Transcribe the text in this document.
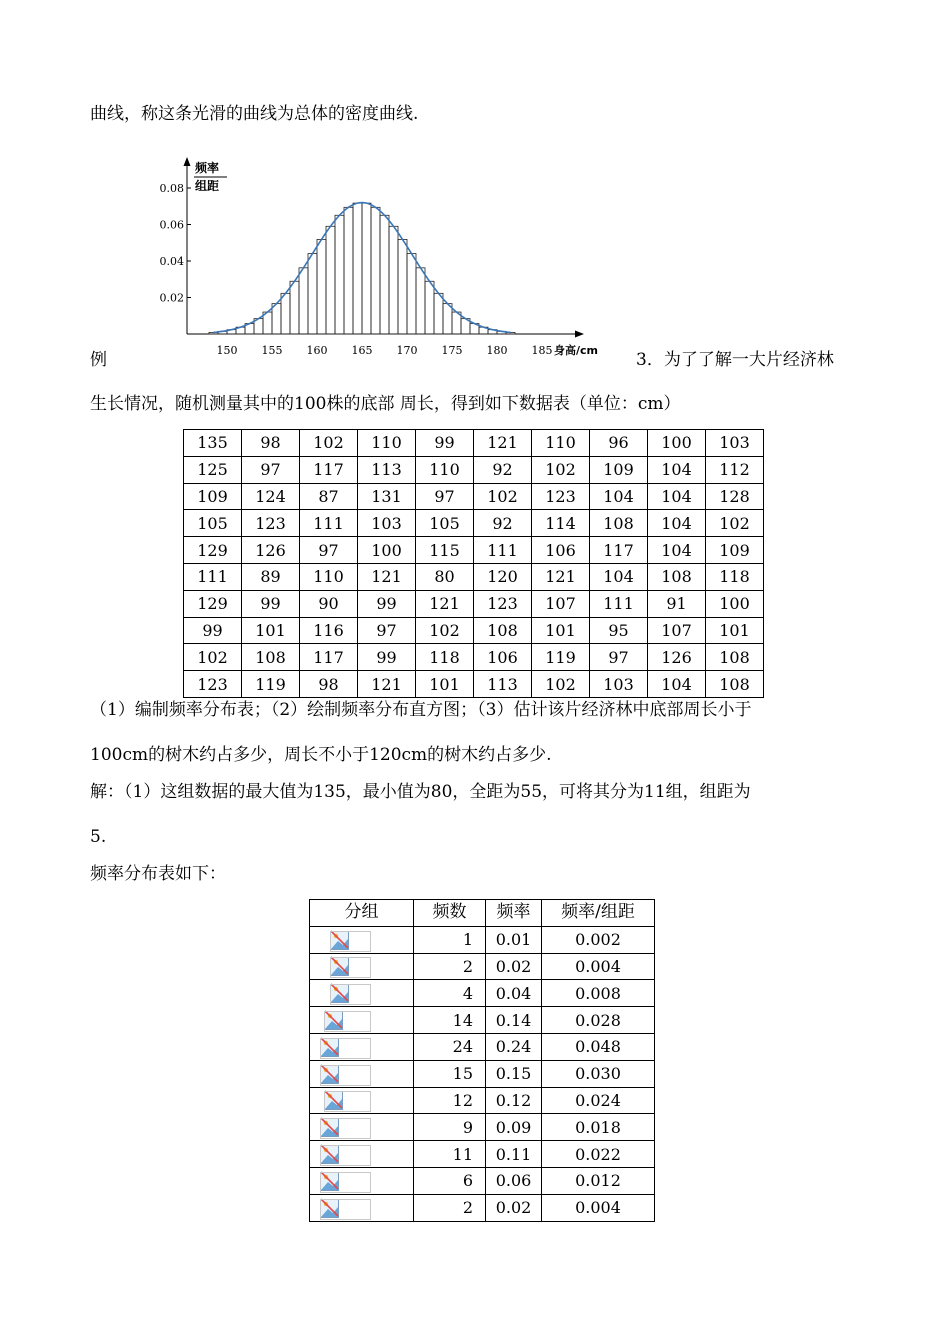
曲线，称这条光滑的曲线为总体的密度曲线.
0.02
0.04
0.06
0.08
150 155 160 165 170 175 180 185 身高/cm
频率
组距
例	3．为了了解一大片经济林
生长情况，随机测量其中的100株的底部 周长，得到如下数据表（单位：cm）
135	98	102	110	99	121	110	96	100	103
125	97	117	113	110	92	102	109	104	112
109	124	87	131	97	102	123	104	104	128
105	123	111	103	105	92	114	108	104	102
129	126	97	100	115	111	106	117	104	109
111	89	110	121	80	120	121	104	108	118
129	99	90	99	121	123	107	111	91	100
99	101	116	97	102	108	101	95	107	101
102	108	117	99	118	106	119	97	126	108
123	119	98	121	101	113	102	103	104	108
（1）编制频率分布表；（2）绘制频率分布直方图；（3）估计该片经济林中底部周长小于
100cm的树木约占多少，周长不小于120cm的树木约占多少.
解：（1）这组数据的最大值为135，最小值为80，全距为55，可将其分为11组，组距为
5.
频率分布表如下：
分组	频数	频率	频率/组距
	1	0.01	0.002
	2	0.02	0.004
	4	0.04	0.008
	14	0.14	0.028
	24	0.24	0.048
	15	0.15	0.030
	12	0.12	0.024
	9	0.09	0.018
	11	0.11	0.022
	6	0.06	0.012
	2	0.02	0.004
